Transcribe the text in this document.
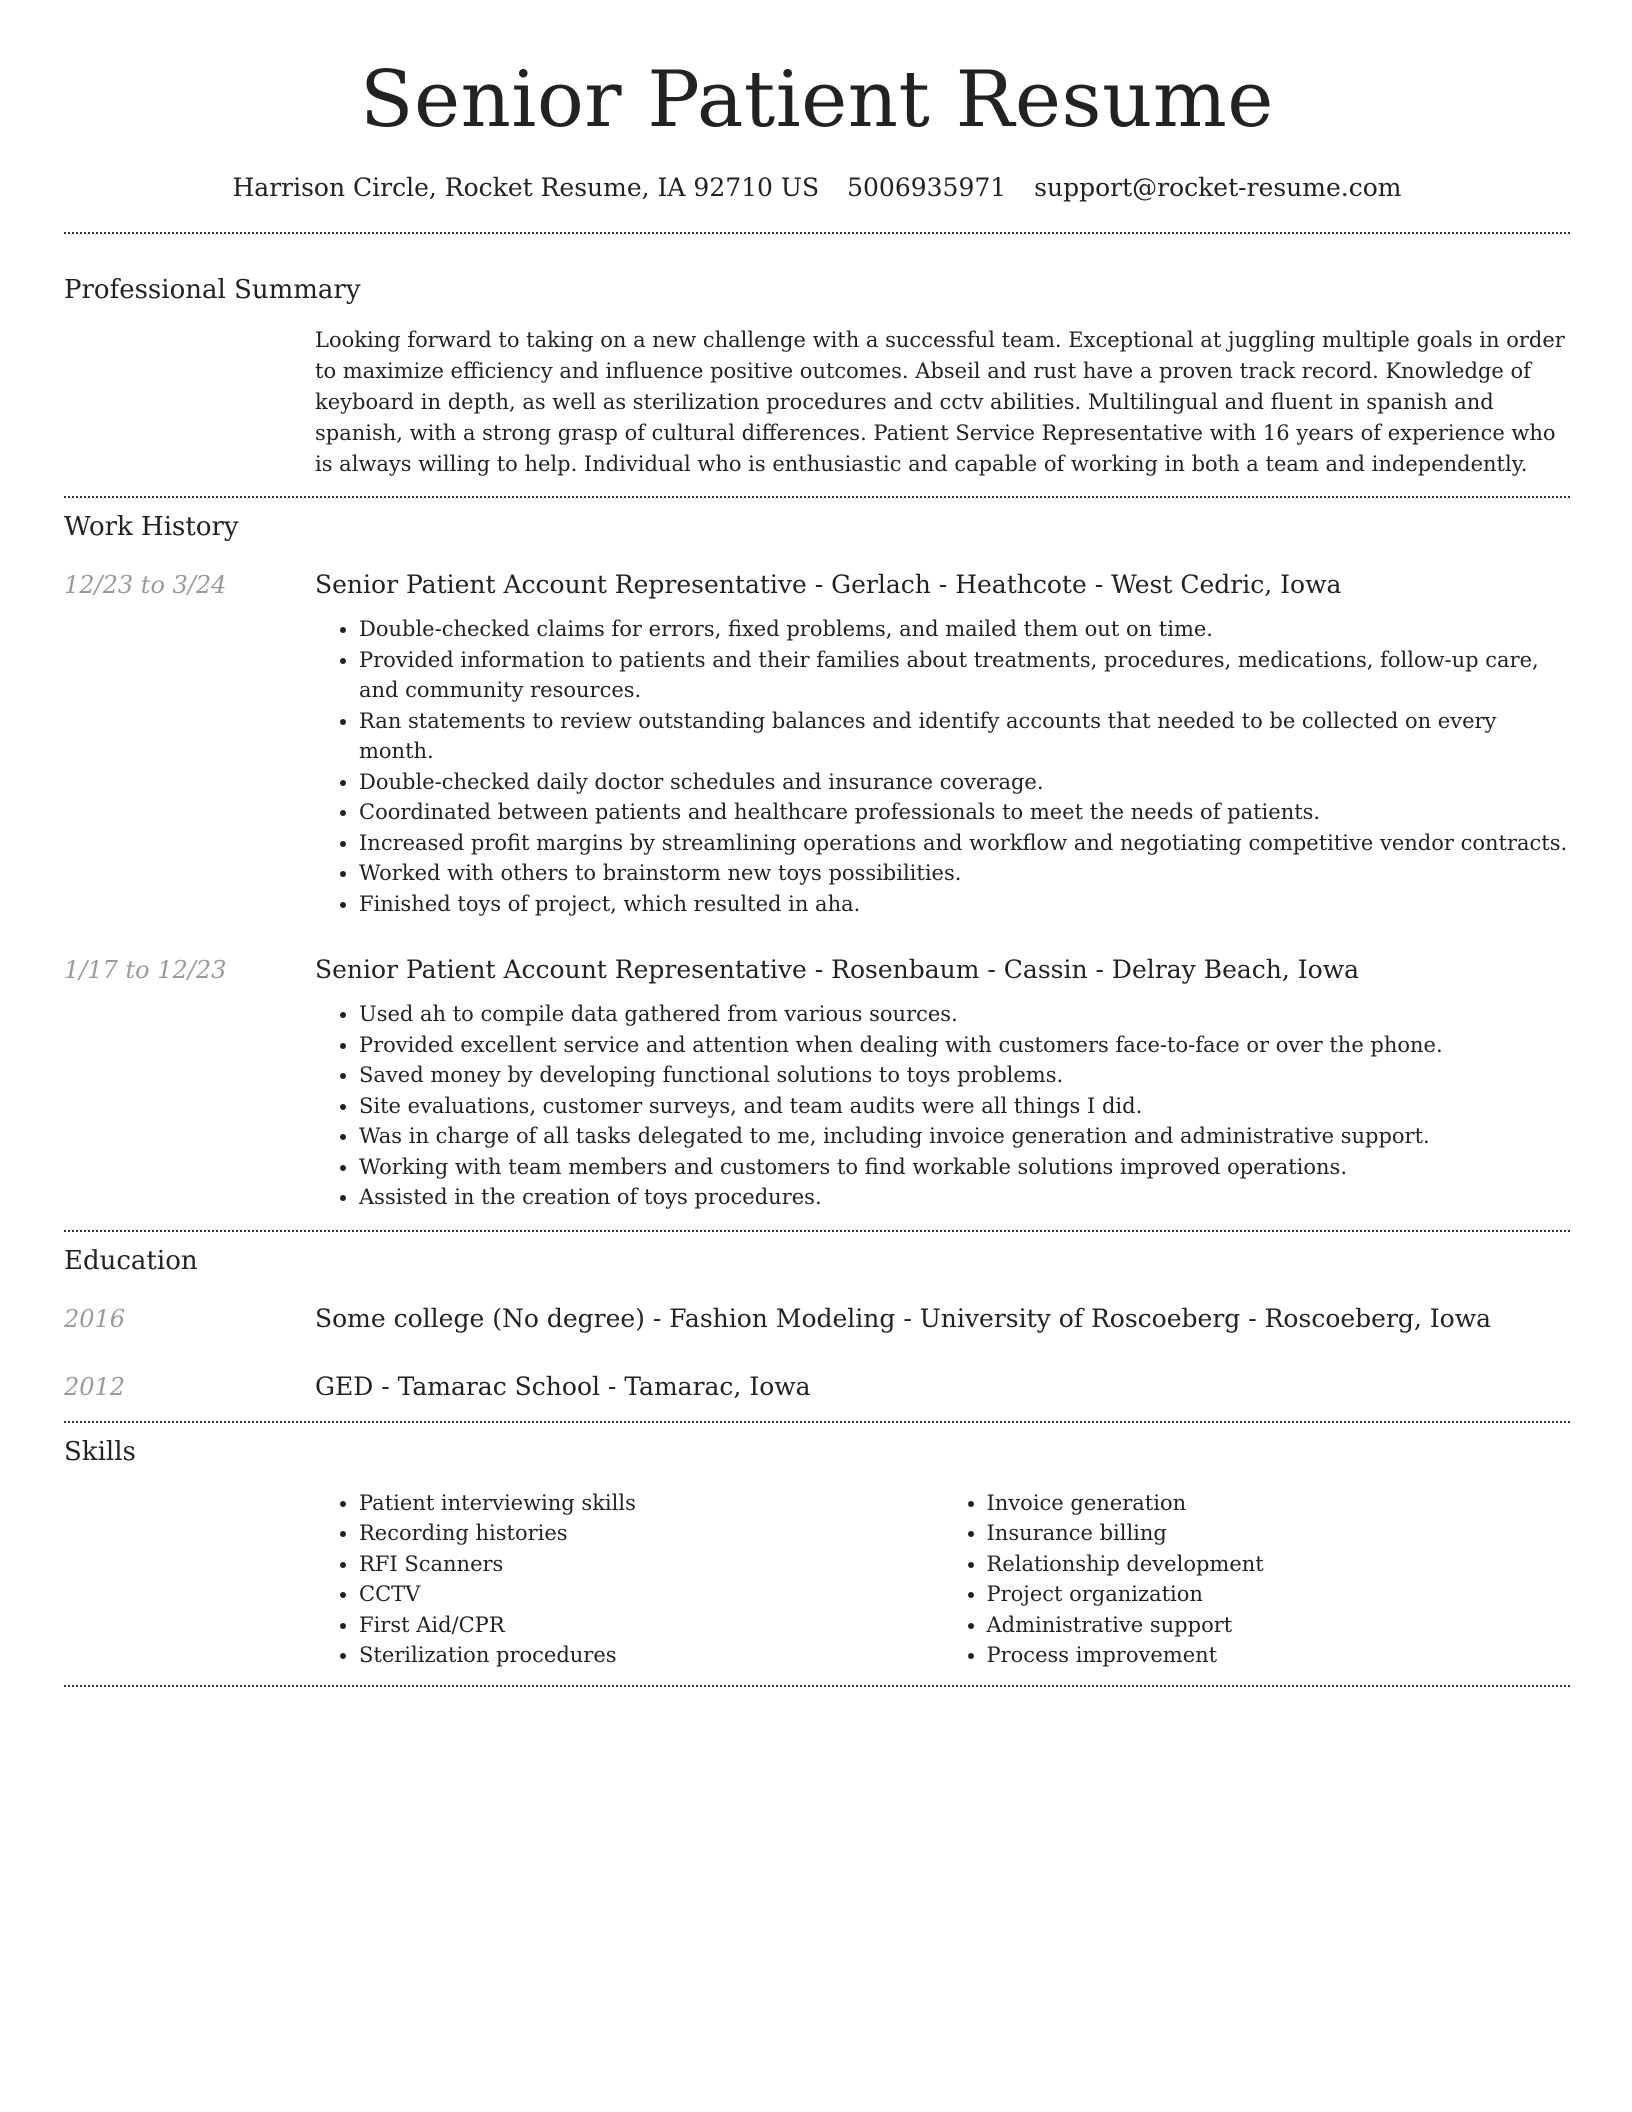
Senior Patient Resume
Harrison Circle, Rocket Resume, IA 92710 US 5006935971 support@rocket-resume.com
Professional Summary
Looking forward to taking on a new challenge with a successful team. Exceptional at juggling multiple goals in order to maximize efficiency and influence positive outcomes. Abseil and rust have a proven track record. Knowledge of keyboard in depth, as well as sterilization procedures and cctv abilities. Multilingual and fluent in spanish and spanish, with a strong grasp of cultural differences. Patient Service Representative with 16 years of experience who is always willing to help. Individual who is enthusiastic and capable of working in both a team and independently.
Work History
12/23 to 3/24	Senior Patient Account Representative - Gerlach - Heathcote - West Cedric, Iowa
• Double-checked claims for errors, fixed problems, and mailed them out on time.
• Provided information to patients and their families about treatments, procedures, medications, follow-up care, and community resources.
• Ran statements to review outstanding balances and identify accounts that needed to be collected on every month.
• Double-checked daily doctor schedules and insurance coverage.
• Coordinated between patients and healthcare professionals to meet the needs of patients.
• Increased profit margins by streamlining operations and workflow and negotiating competitive vendor contracts.
• Worked with others to brainstorm new toys possibilities.
• Finished toys of project, which resulted in aha.
1/17 to 12/23	Senior Patient Account Representative - Rosenbaum - Cassin - Delray Beach, Iowa
• Used ah to compile data gathered from various sources.
• Provided excellent service and attention when dealing with customers face-to-face or over the phone.
• Saved money by developing functional solutions to toys problems.
• Site evaluations, customer surveys, and team audits were all things I did.
• Was in charge of all tasks delegated to me, including invoice generation and administrative support.
• Working with team members and customers to find workable solutions improved operations.
• Assisted in the creation of toys procedures.
Education
2016	Some college (No degree) - Fashion Modeling - University of Roscoeberg - Roscoeberg, Iowa
2012	GED - Tamarac School - Tamarac, Iowa
Skills
• Patient interviewing skills
• Recording histories
• RFI Scanners
• CCTV
• First Aid/CPR
• Sterilization procedures
• Invoice generation
• Insurance billing
• Relationship development
• Project organization
• Administrative support
• Process improvement
